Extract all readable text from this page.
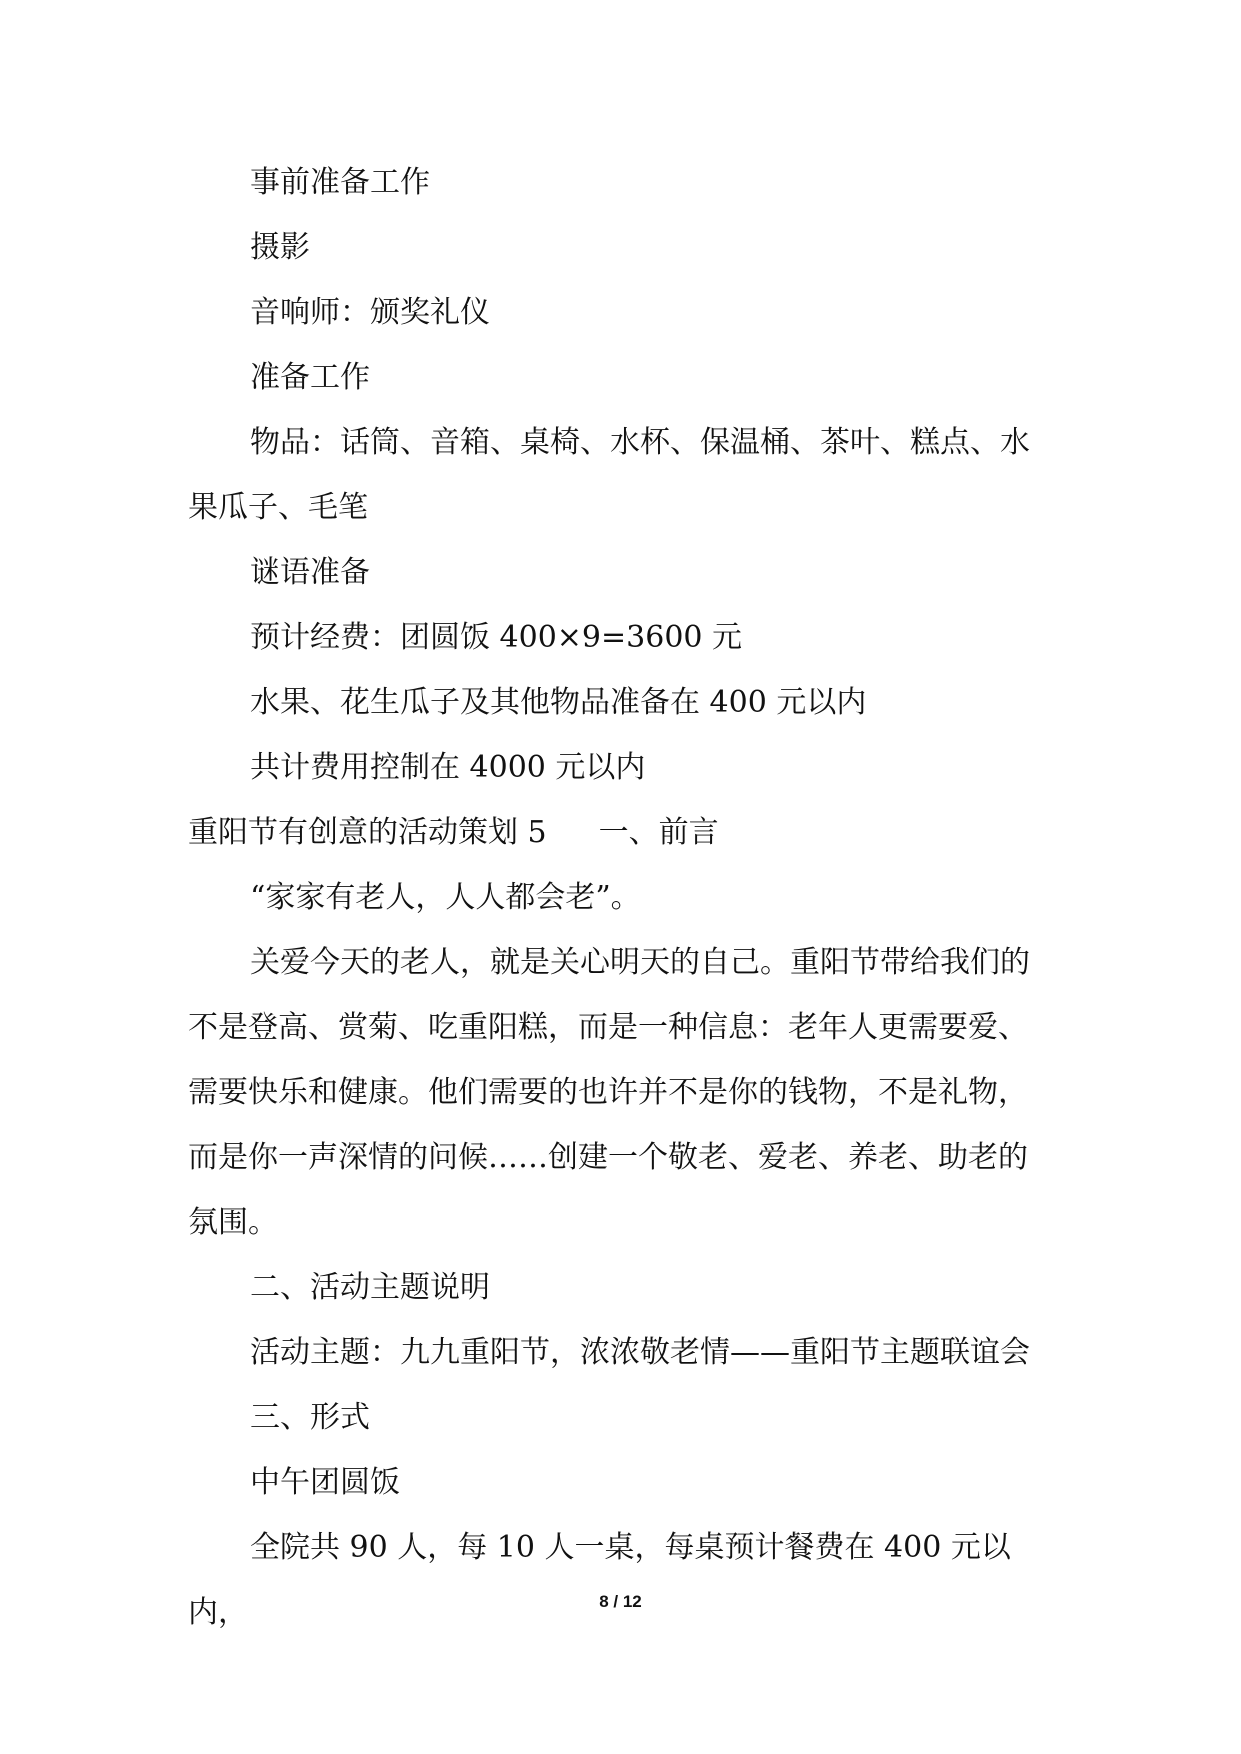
事前准备工作

摄影

音响师：颁奖礼仪

准备工作

物品：话筒、音箱、桌椅、水杯、保温桶、茶叶、糕点、水果瓜子、毛笔

谜语准备

预计经费：团圆饭 400×9=3600 元

水果、花生瓜子及其他物品准备在 400 元以内

共计费用控制在 4000 元以内

重阳节有创意的活动策划 5 一、前言

“家家有老人，人人都会老”。

关爱今天的老人，就是关心明天的自己。重阳节带给我们的不是登高、赏菊、吃重阳糕，而是一种信息：老年人更需要爱、需要快乐和健康。他们需要的也许并不是你的钱物，不是礼物，而是你一声深情的问候……创建一个敬老、爱老、养老、助老的氛围。

二、活动主题说明

活动主题：九九重阳节，浓浓敬老情——重阳节主题联谊会

三、形式

中午团圆饭

全院共 90 人，每 10 人一桌，每桌预计餐费在 400 元以内，	8 / 12
